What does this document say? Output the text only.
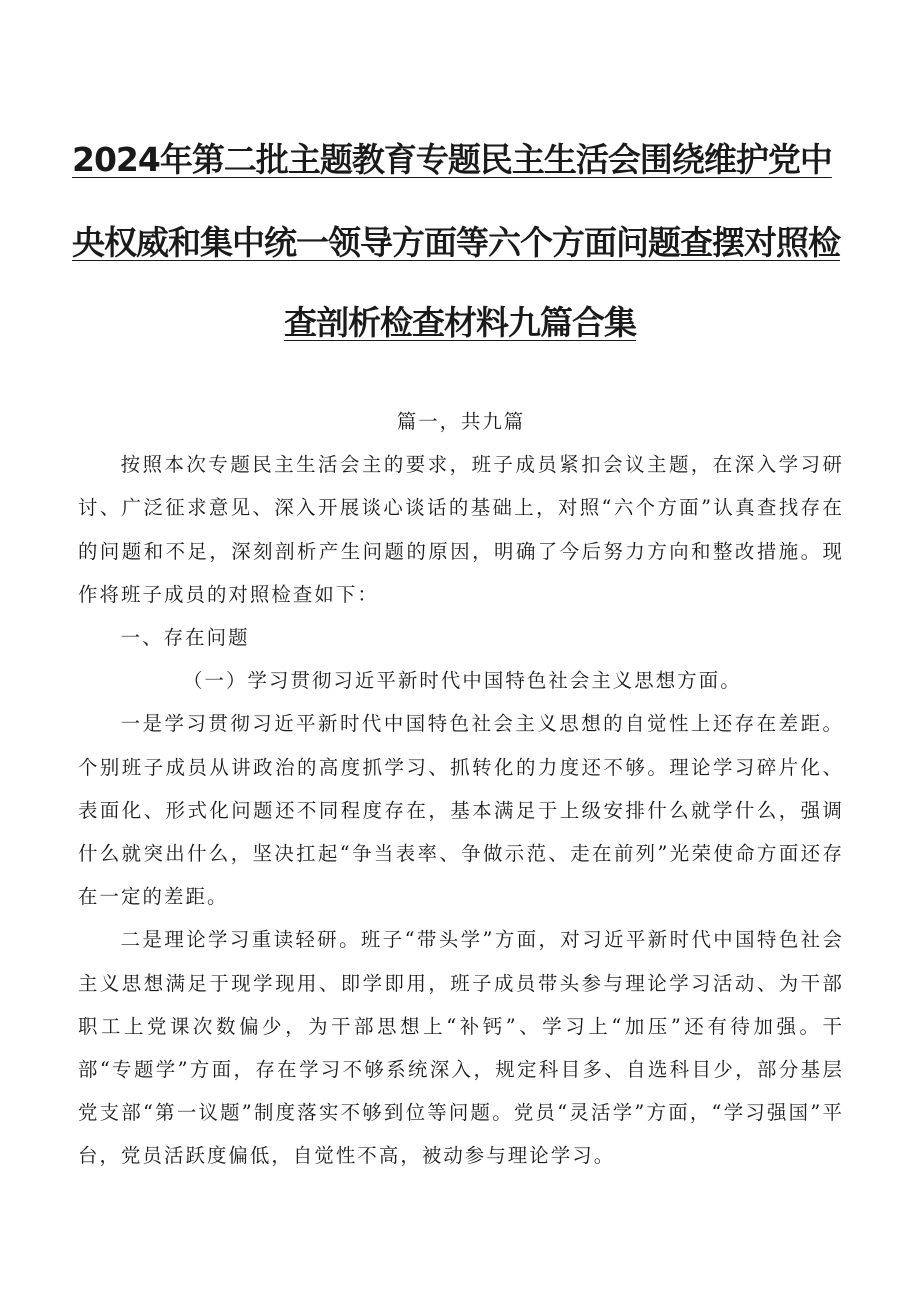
2024年第二批主题教育专题民主生活会围绕维护党中
央权威和集中统一领导方面等六个方面问题查摆对照检
查剖析检查材料九篇合集

篇一，共九篇

按照本次专题民主生活会主的要求，班子成员紧扣会议主题，在深入学习研讨、广泛征求意见、深入开展谈心谈话的基础上，对照“六个方面”认真查找存在的问题和不足，深刻剖析产生问题的原因，明确了今后努力方向和整改措施。现作将班子成员的对照检查如下：

一、存在问题

（一）学习贯彻习近平新时代中国特色社会主义思想方面。

一是学习贯彻习近平新时代中国特色社会主义思想的自觉性上还存在差距。个别班子成员从讲政治的高度抓学习、抓转化的力度还不够。理论学习碎片化、表面化、形式化问题还不同程度存在，基本满足于上级安排什么就学什么，强调什么就突出什么，坚决扛起“争当表率、争做示范、走在前列”光荣使命方面还存在一定的差距。

二是理论学习重读轻研。班子“带头学”方面，对习近平新时代中国特色社会主义思想满足于现学现用、即学即用，班子成员带头参与理论学习活动、为干部职工上党课次数偏少，为干部思想上“补钙”、学习上“加压”还有待加强。干部“专题学”方面，存在学习不够系统深入，规定科目多、自选科目少，部分基层党支部“第一议题”制度落实不够到位等问题。党员“灵活学”方面，“学习强国”平台，党员活跃度偏低，自觉性不高，被动参与理论学习。
